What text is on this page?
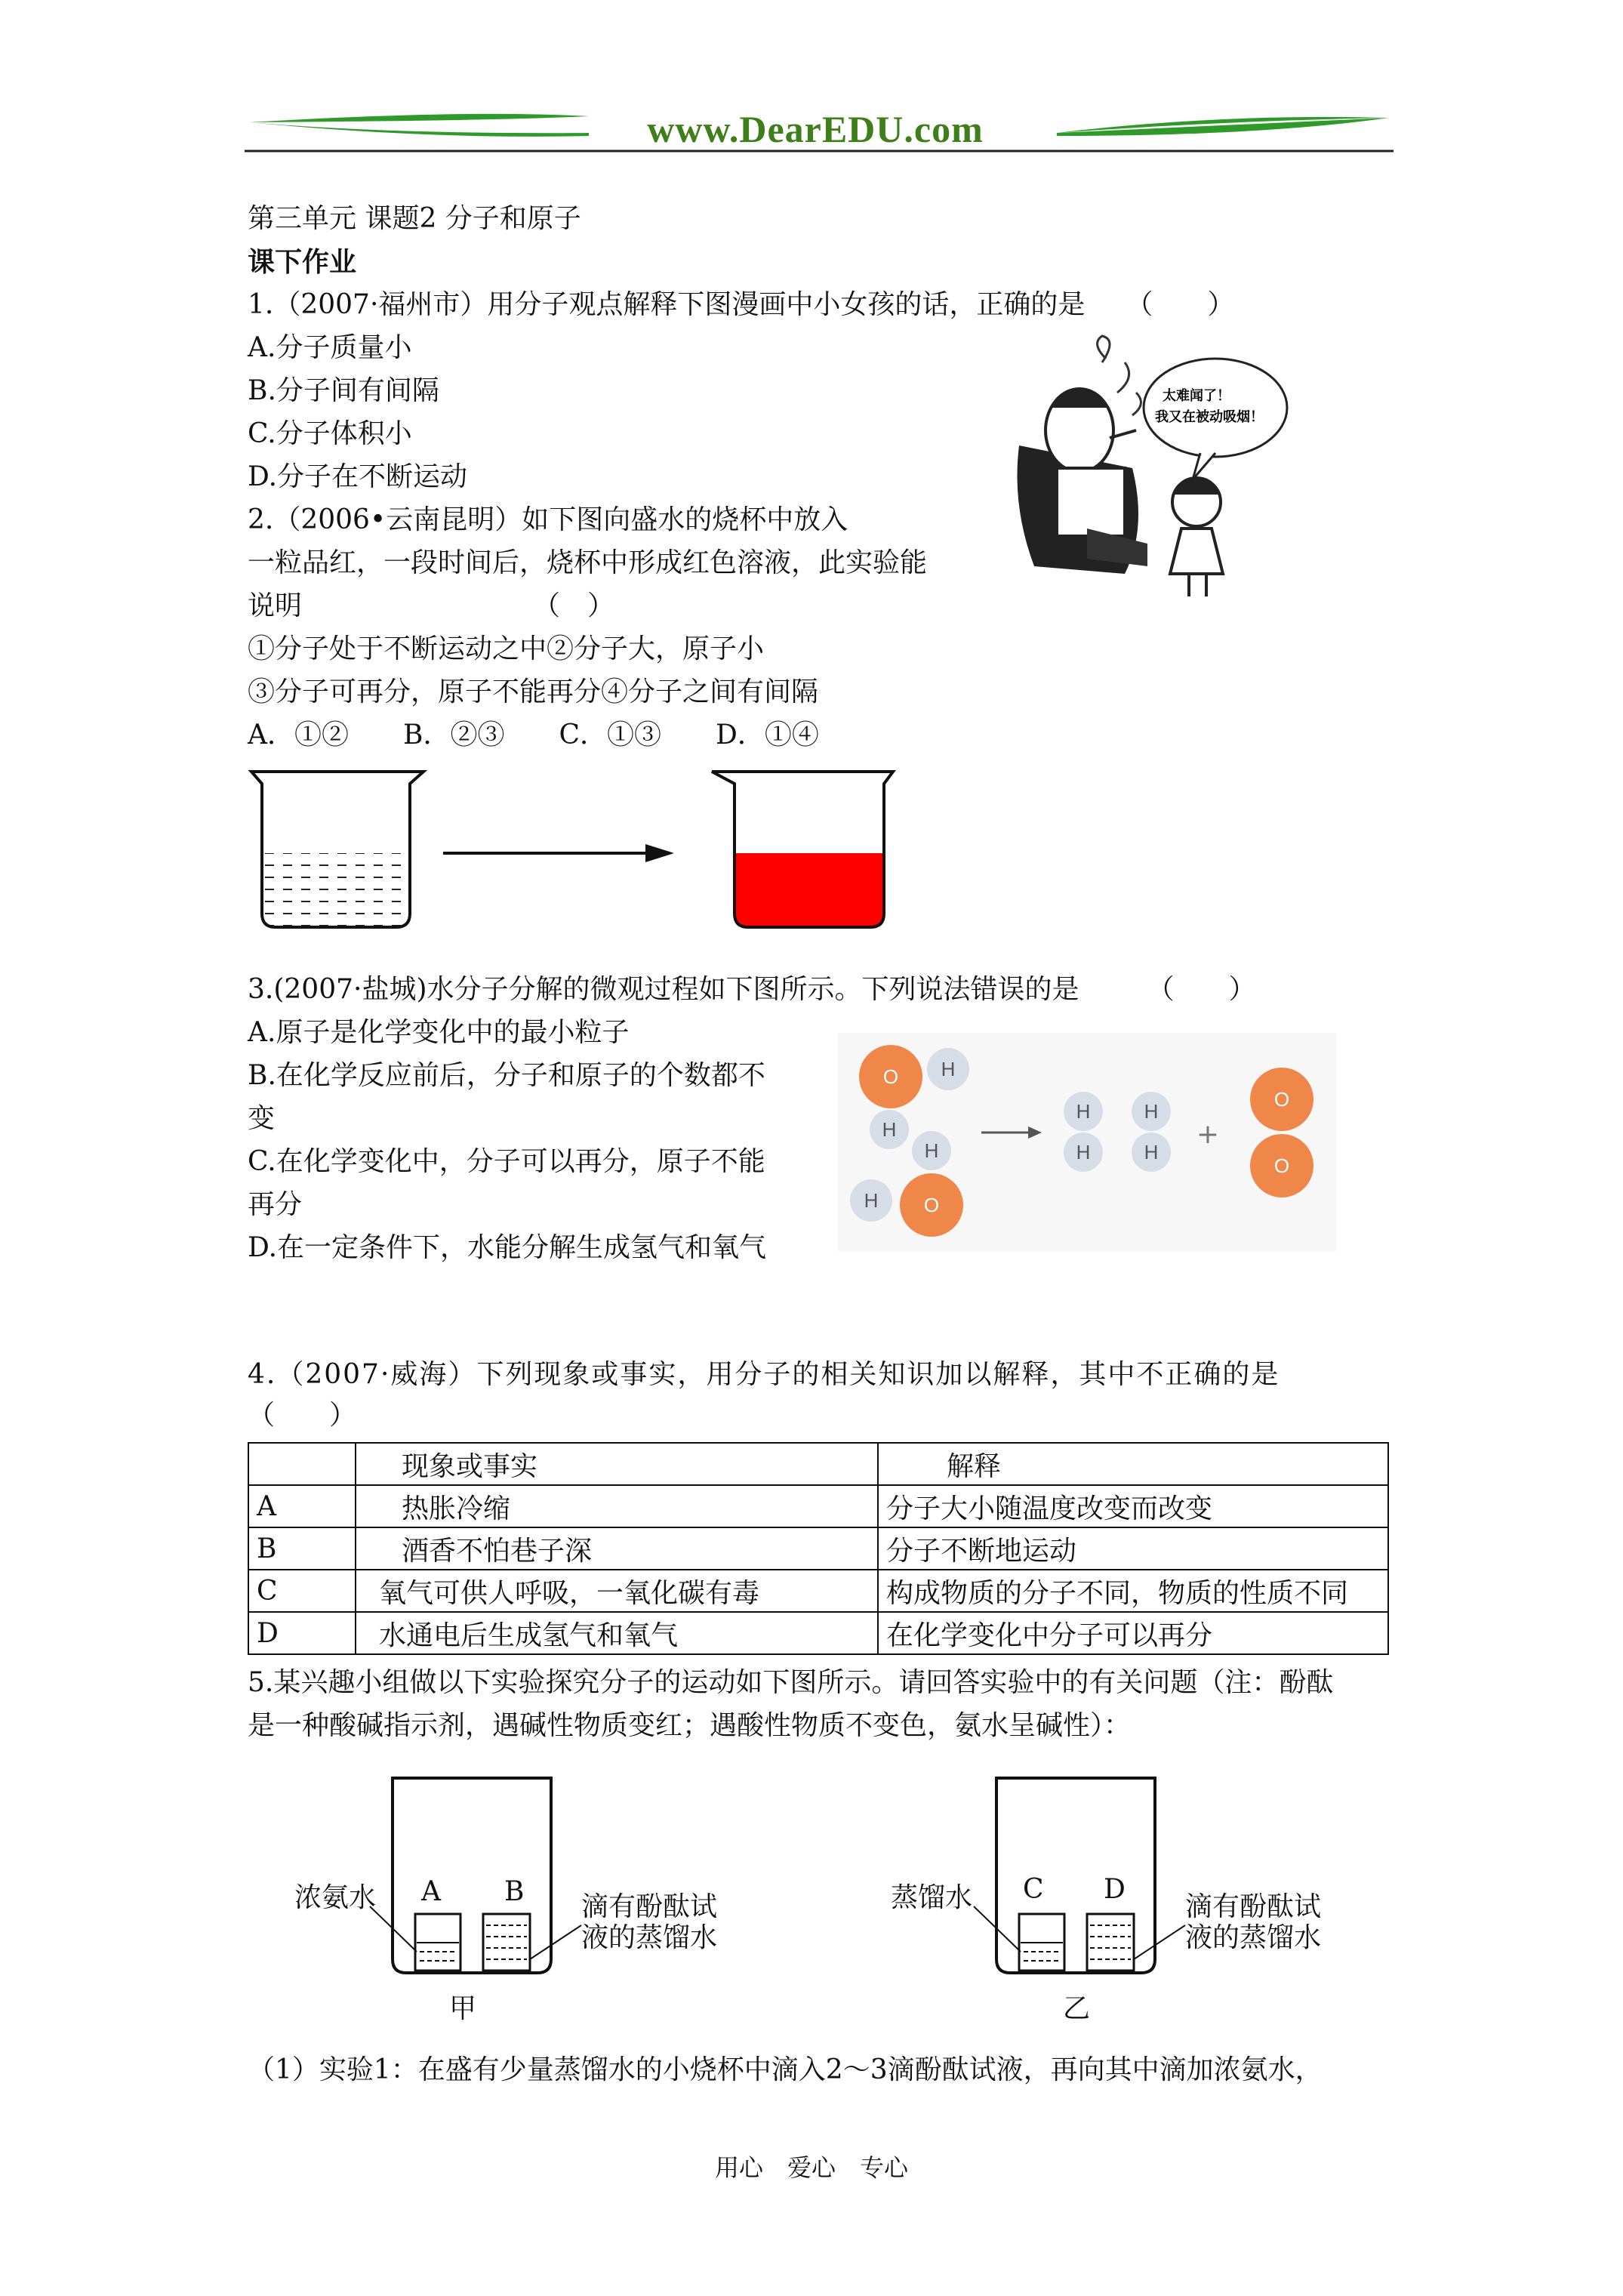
www.DearEDU.com
第三单元 课题2 分子和原子
课下作业
1.（2007·福州市）用分子观点解释下图漫画中小女孩的话，正确的是　　（　　）
A.分子质量小
B.分子间有间隔
C.分子体积小
D.分子在不断运动
太难闻了！
我又在被动吸烟！
2.（2006•云南昆明）如下图向盛水的烧杯中放入
一粒品红，一段时间后，烧杯中形成红色溶液，此实验能
说明　　　　　　　　　（　）
①分子处于不断运动之中②分子大，原子小
③分子可再分，原子不能再分④分子之间有间隔
A．①②　　B．②③　　C．①③　　D．①④
3.(2007·盐城)水分子分解的微观过程如下图所示。下列说法错误的是　　　（　　）
A.原子是化学变化中的最小粒子
B.在化学反应前后，分子和原子的个数都不
变
C.在化学变化中，分子可以再分，原子不能
再分
D.在一定条件下，水能分解生成氢气和氧气
O H
H
H
H O
H
H
H
H
+
O
O
4.（2007·威海）下列现象或事实，用分子的相关知识加以解释，其中不正确的是
（　　）
	现象或事实	解释
A	热胀冷缩	分子大小随温度改变而改变
B	酒香不怕巷子深	分子不断地运动
C	氧气可供人呼吸，一氧化碳有毒	构成物质的分子不同，物质的性质不同
D	水通电后生成氢气和氧气	在化学变化中分子可以再分
5.某兴趣小组做以下实验探究分子的运动如下图所示。请回答实验中的有关问题（注：酚酞
是一种酸碱指示剂，遇碱性物质变红；遇酸性物质不变色，氨水呈碱性）：
浓氨水 A B 滴有酚酞试
液的蒸馏水
甲
蒸馏水 C D
滴有酚酞试
液的蒸馏水
乙
（1）实验1：在盛有少量蒸馏水的小烧杯中滴入2～3滴酚酞试液，再向其中滴加浓氨水，
用心　爱心　专心
